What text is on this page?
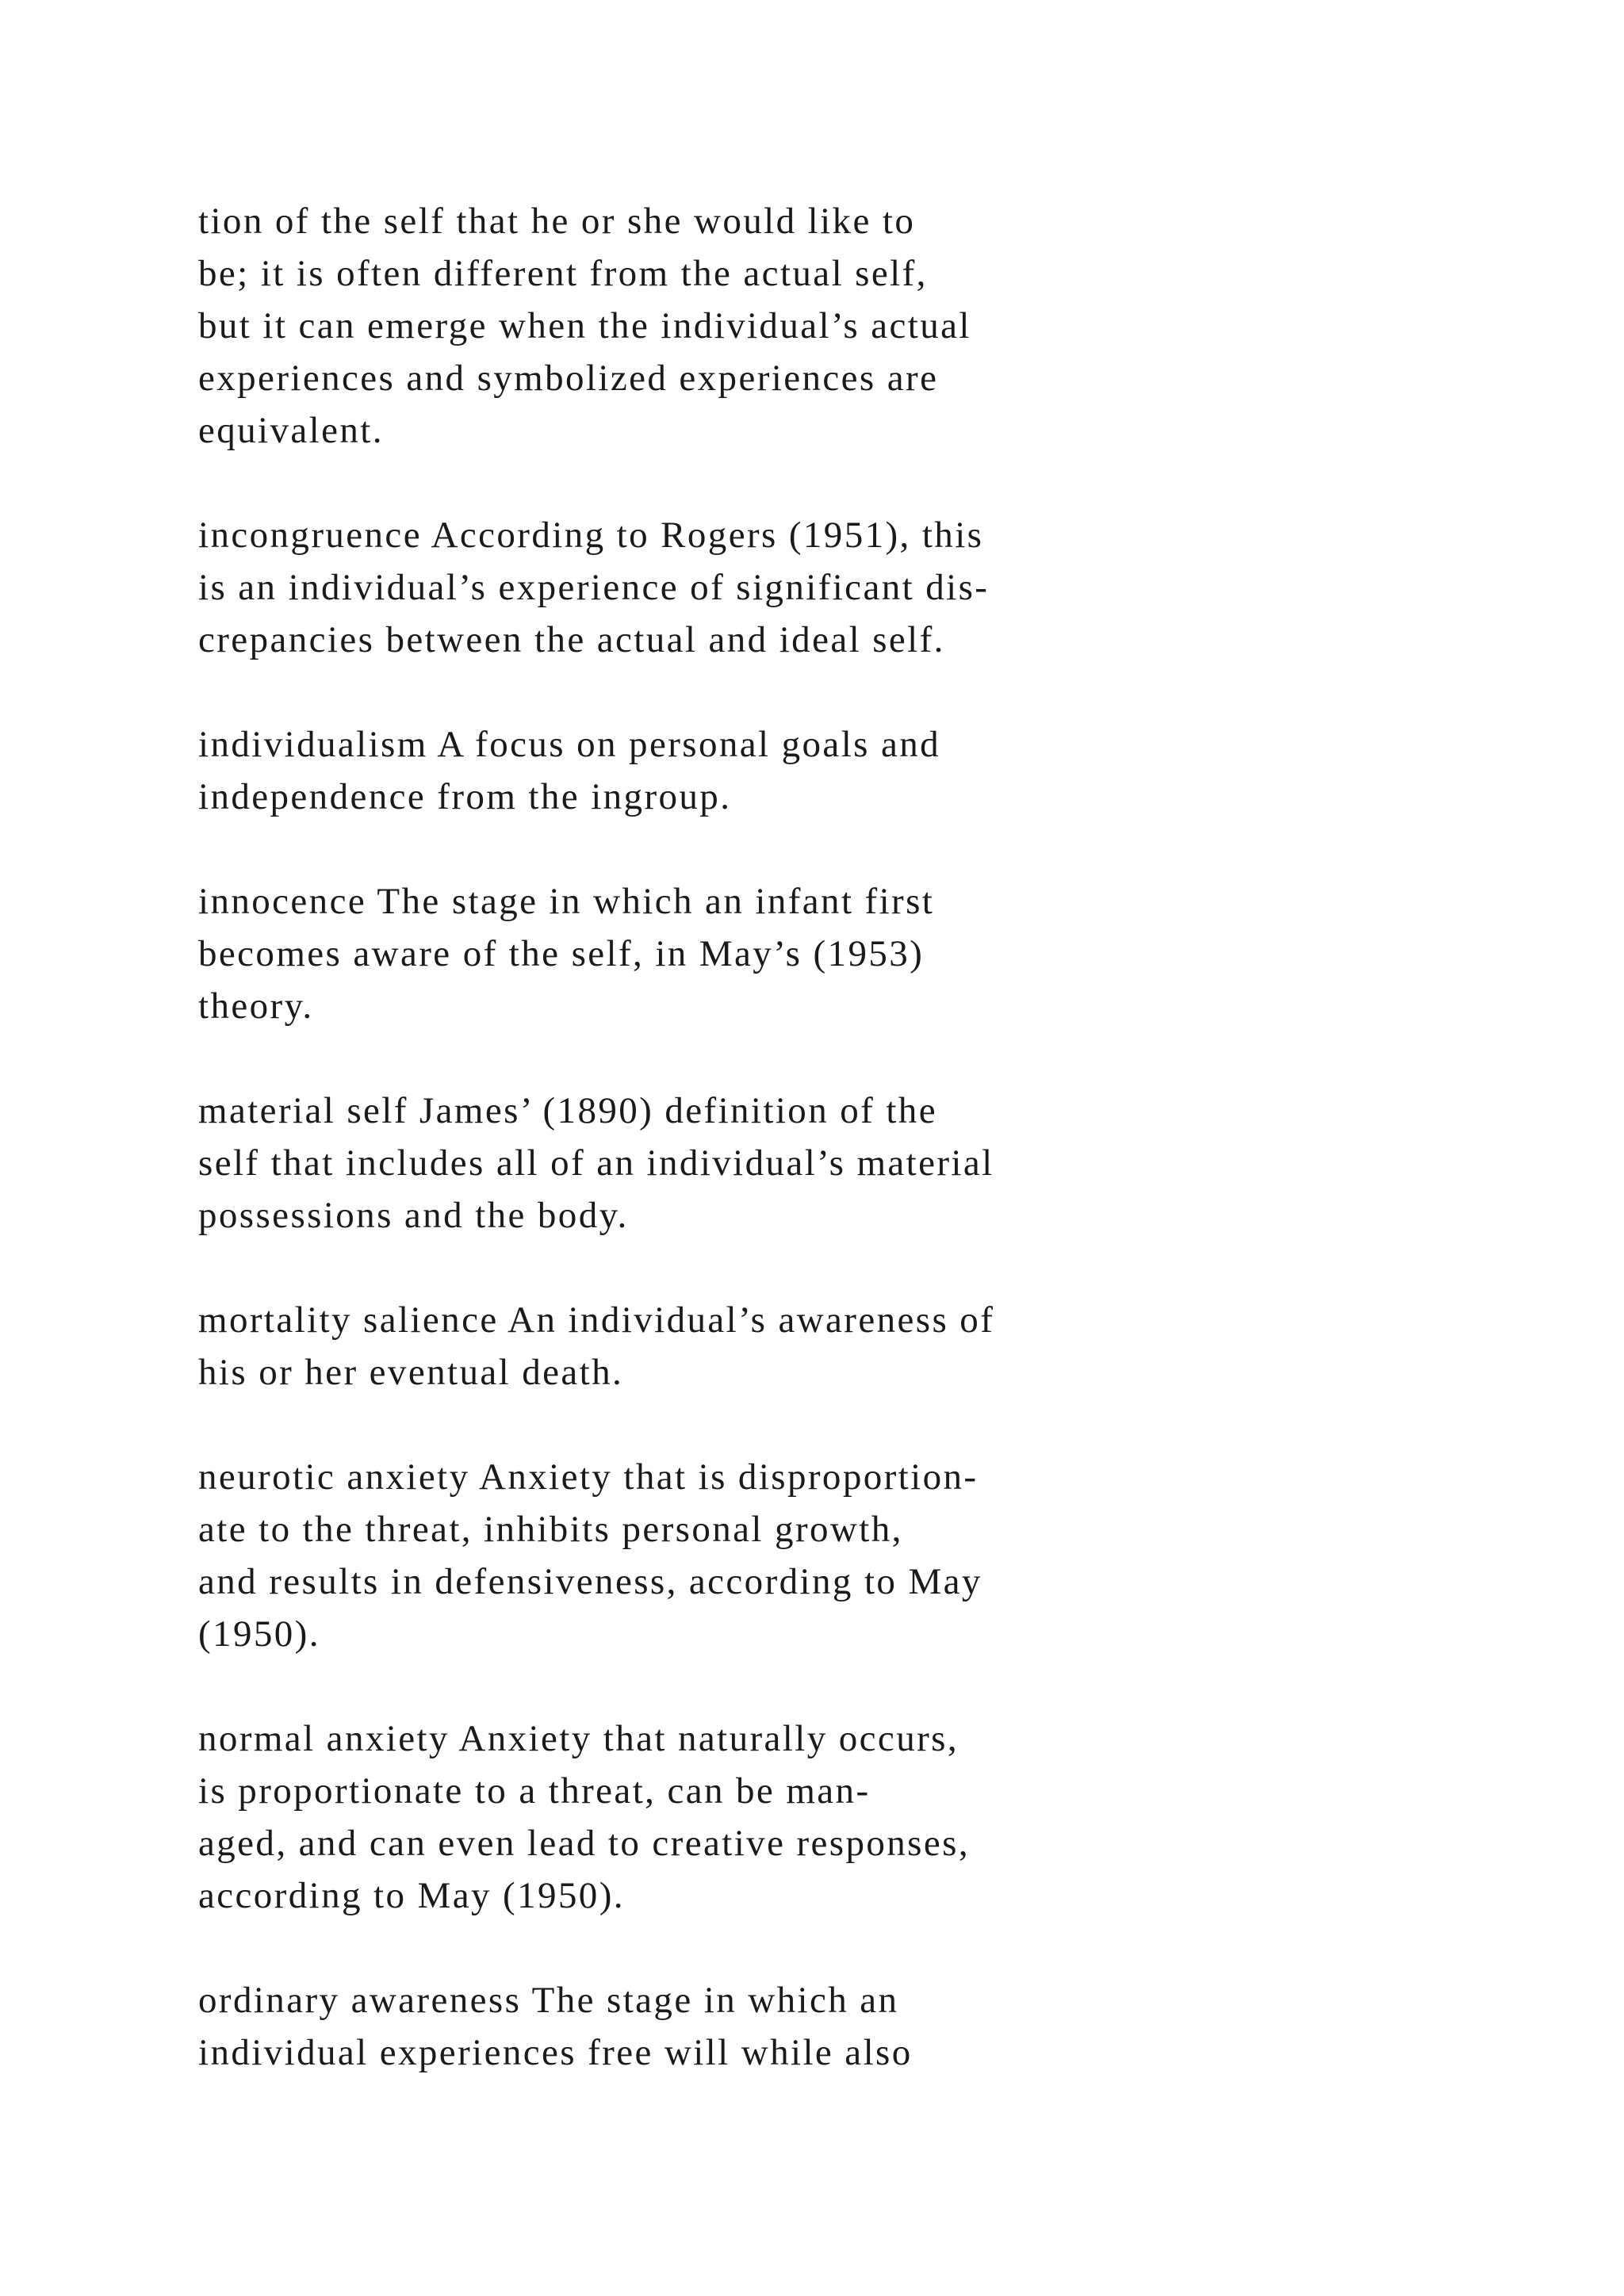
tion of the self that he or she would like to
be; it is often different from the actual self,
but it can emerge when the individual’s actual
experiences and symbolized experiences are
equivalent.
incongruence According to Rogers (1951), this
is an individual’s experience of significant dis-
crepancies between the actual and ideal self.
individualism A focus on personal goals and
independence from the ingroup.
innocence The stage in which an infant first
becomes aware of the self, in May’s (1953)
theory.
material self James’ (1890) definition of the
self that includes all of an individual’s material
possessions and the body.
mortality salience An individual’s awareness of
his or her eventual death.
neurotic anxiety Anxiety that is disproportion-
ate to the threat, inhibits personal growth,
and results in defensiveness, according to May
(1950).
normal anxiety Anxiety that naturally occurs,
is proportionate to a threat, can be man-
aged, and can even lead to creative responses,
according to May (1950).
ordinary awareness The stage in which an
individual experiences free will while also
